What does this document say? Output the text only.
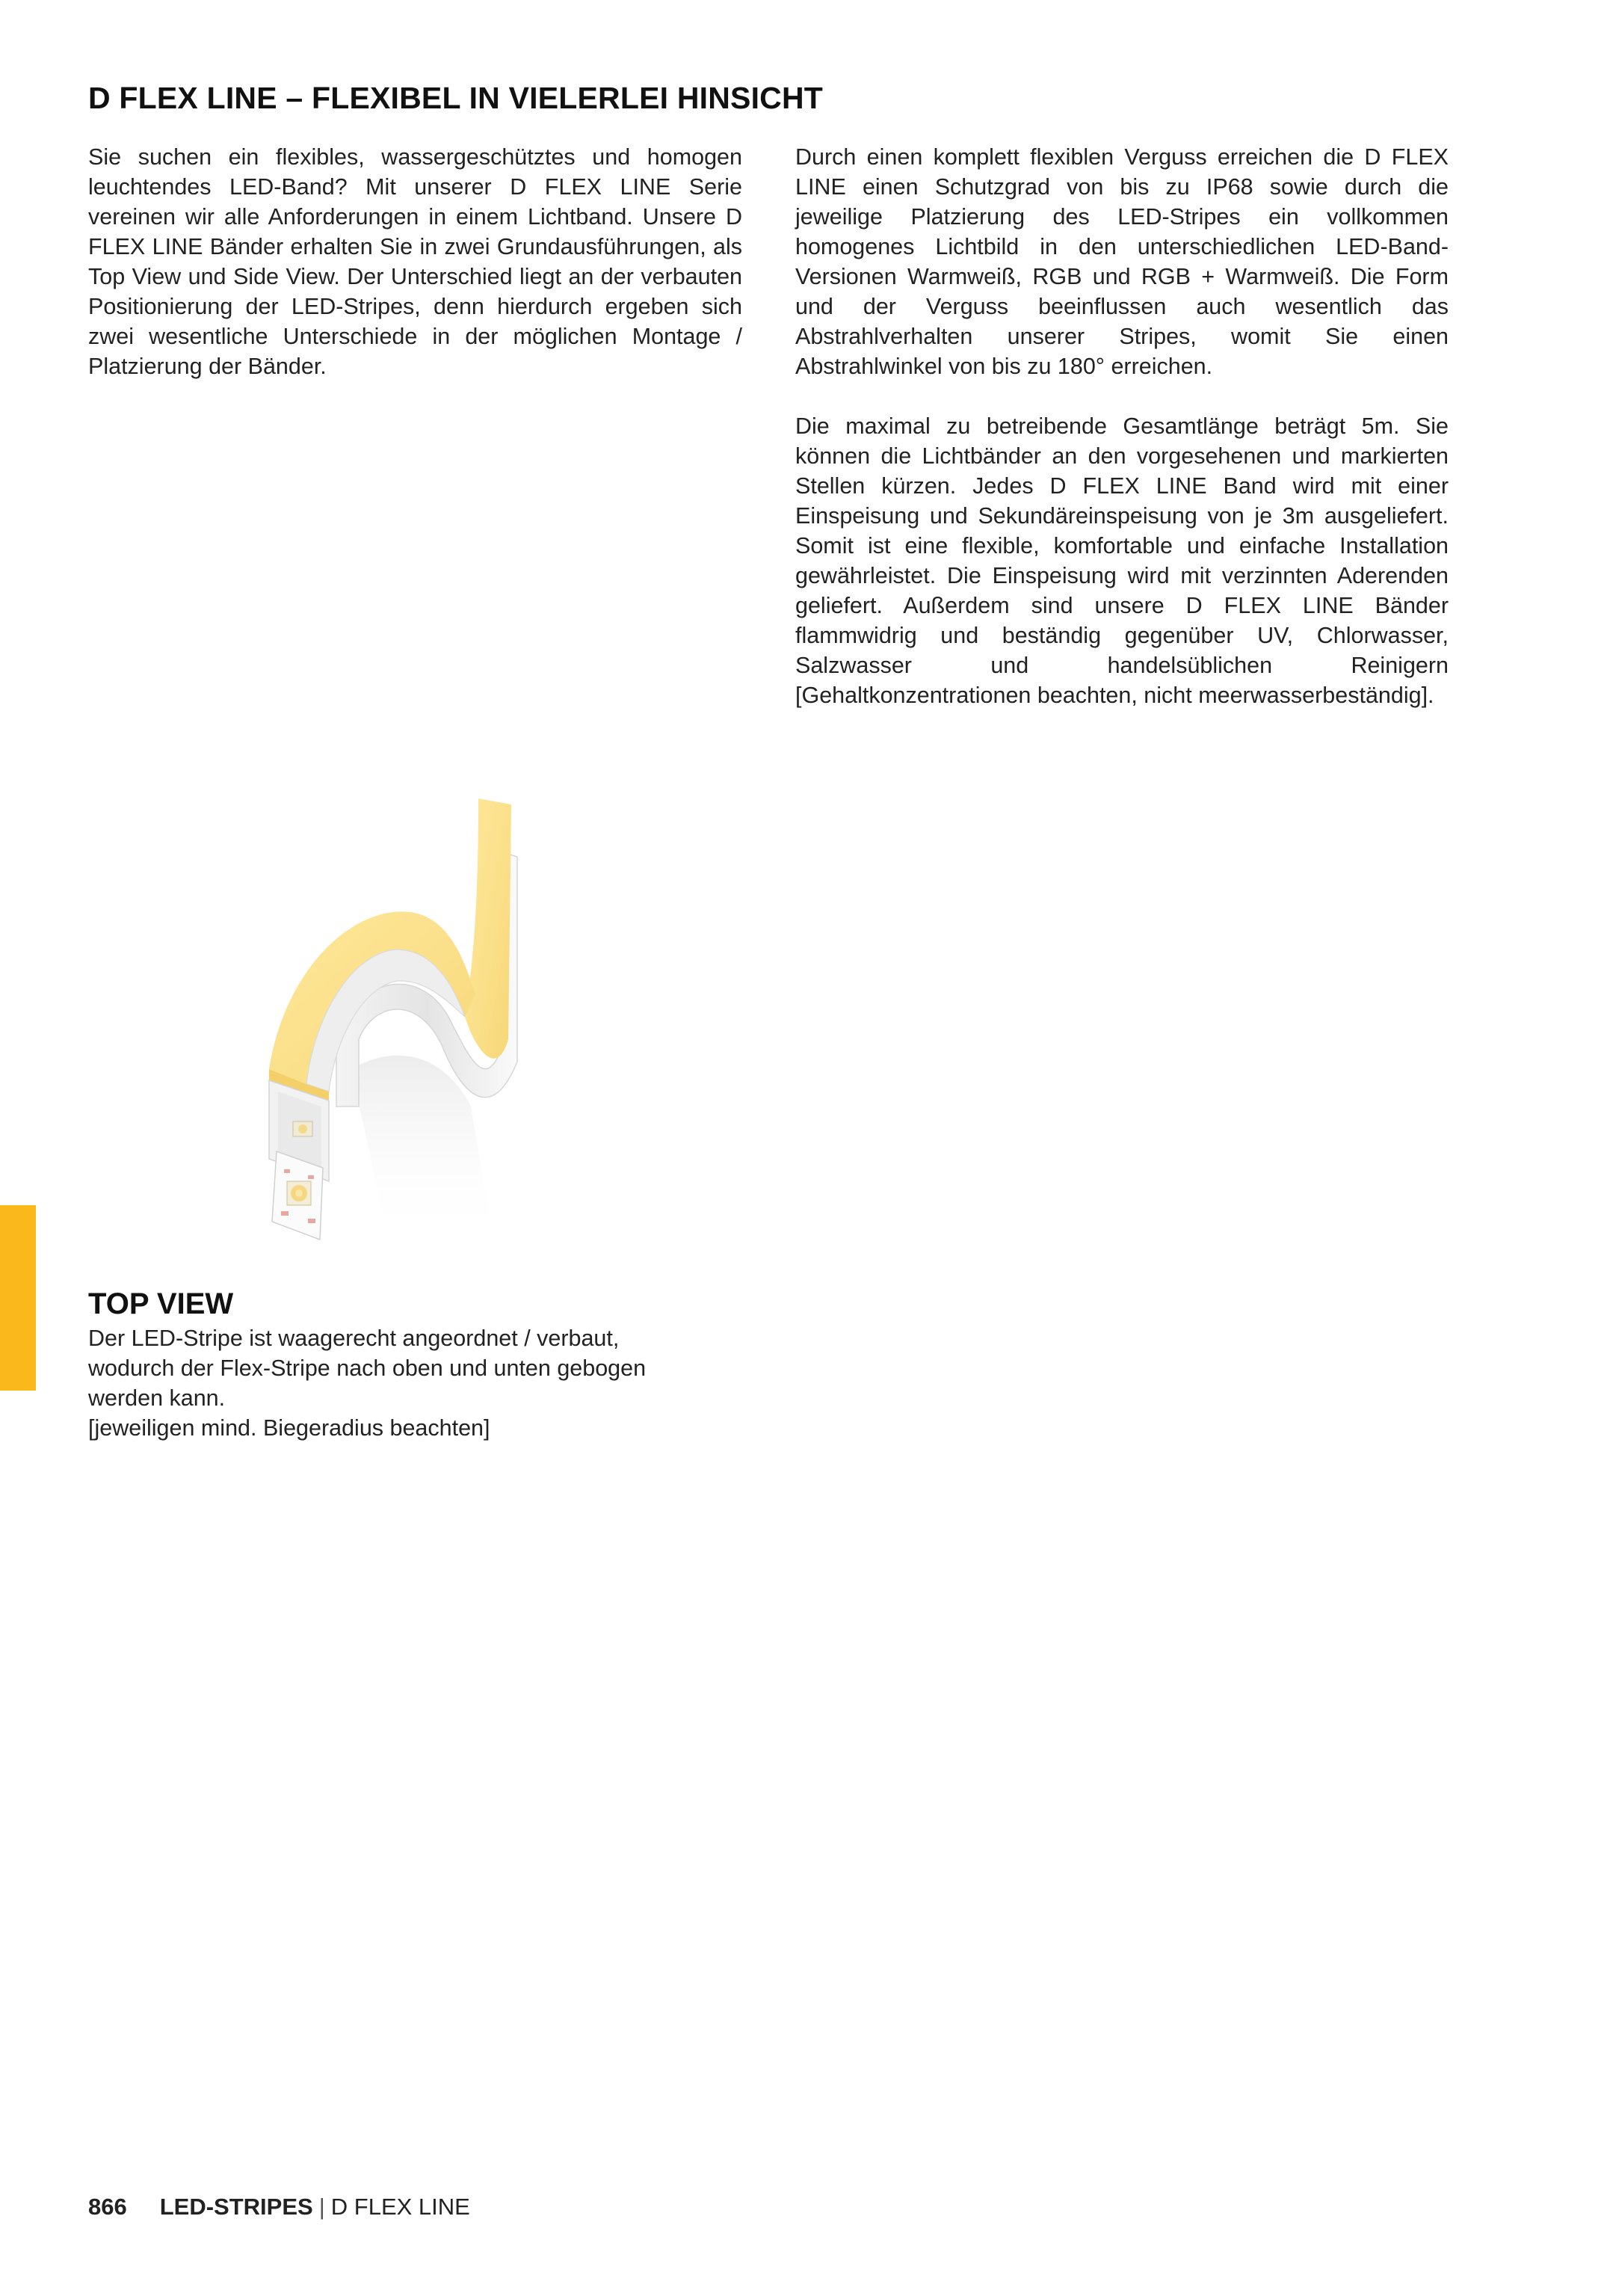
D FLEX LINE – FLEXIBEL IN VIELERLEI HINSICHT

Sie suchen ein flexibles, wassergeschütztes und homogen leuchtendes LED-Band? Mit unserer D FLEX LINE Serie vereinen wir alle Anforderungen in einem Lichtband. Unsere D FLEX LINE Bänder erhalten Sie in zwei Grundausführungen, als Top View und Side View. Der Unterschied liegt an der verbauten Positionierung der LED-Stripes, denn hierdurch ergeben sich zwei wesentliche Unterschiede in der möglichen Montage / Platzierung der Bänder.

Durch einen komplett flexiblen Verguss erreichen die D FLEX LINE einen Schutzgrad von bis zu IP68 sowie durch die jeweilige Platzierung des LED-Stripes ein vollkommen homogenes Lichtbild in den unterschiedlichen LED-Band-Versionen Warmweiß, RGB und RGB + Warmweiß. Die Form und der Verguss beeinflussen auch wesentlich das Abstrahlverhalten unserer Stripes, womit Sie einen Abstrahlwinkel von bis zu 180° erreichen.

Die maximal zu betreibende Gesamtlänge beträgt 5m. Sie können die Lichtbänder an den vorgesehenen und markierten Stellen kürzen. Jedes D FLEX LINE Band wird mit einer Einspeisung und Sekundäreinspeisung von je 3m ausgeliefert. Somit ist eine flexible, komfortable und einfache Installation gewährleistet. Die Einspeisung wird mit verzinnten Aderenden geliefert. Außerdem sind unsere D FLEX LINE Bänder flammwidrig und beständig gegenüber UV, Chlorwasser, Salzwasser und handelsüblichen Reinigern [Gehaltkonzentrationen beachten, nicht meerwasserbeständig].

TOP VIEW
Der LED-Stripe ist waagerecht angeordnet / verbaut,
wodurch der Flex-Stripe nach oben und unten gebogen
werden kann.
[jeweiligen mind. Biegeradius beachten]
866 LED-STRIPES | D FLEX LINE
